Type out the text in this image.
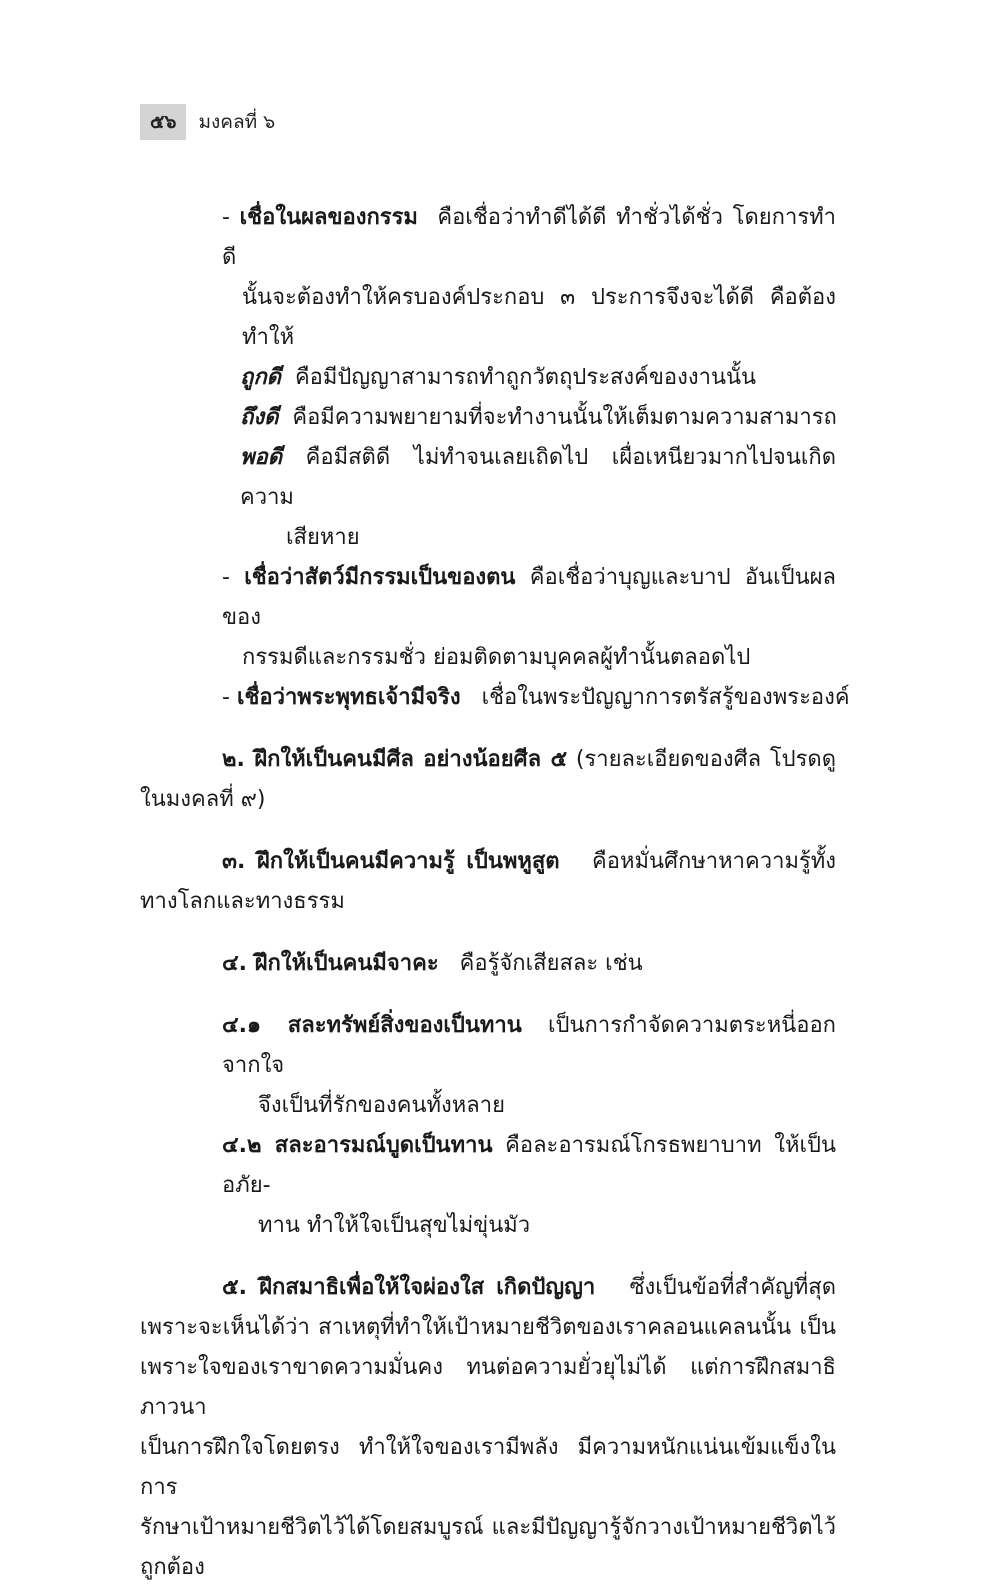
๕๖	มงคลที่ ๖
- เชื่อในผลของกรรม คือเชื่อว่าทำดีได้ดี ทำชั่วได้ชั่ว โดยการทำดี
นั้นจะต้องทำให้ครบองค์ประกอบ ๓ ประการจึงจะได้ดี คือต้อง
ทำให้
ถูกดี คือมีปัญญาสามารถทำถูกวัตถุประสงค์ของงานนั้น
ถึงดี คือมีความพยายามที่จะทำงานนั้นให้เต็มตามความสามารถ
พอดี คือมีสติดี ไม่ทำจนเลยเถิดไป เผื่อเหนียวมากไปจนเกิดความ
เสียหาย
- เชื่อว่าสัตว์มีกรรมเป็นของตน คือเชื่อว่าบุญและบาป อันเป็นผลของ
กรรมดีและกรรมชั่ว ย่อมติดตามบุคคลผู้ทำนั้นตลอดไป
- เชื่อว่าพระพุทธเจ้ามีจริง เชื่อในพระปัญญาการตรัสรู้ของพระองค์
๒. ฝึกให้เป็นคนมีศีล อย่างน้อยศีล ๕ (รายละเอียดของศีล โปรดดู
ในมงคลที่ ๙)
๓. ฝึกให้เป็นคนมีความรู้ เป็นพหูสูต คือหมั่นศึกษาหาความรู้ทั้ง
ทางโลกและทางธรรม
๔. ฝึกให้เป็นคนมีจาคะ คือรู้จักเสียสละ เช่น
๔.๑ สละทรัพย์สิ่งของเป็นทาน เป็นการกำจัดความตระหนี่ออกจากใจ
จึงเป็นที่รักของคนทั้งหลาย
๔.๒ สละอารมณ์บูดเป็นทาน คือละอารมณ์โกรธพยาบาท ให้เป็นอภัย-
ทาน ทำให้ใจเป็นสุขไม่ขุ่นมัว
๕. ฝึกสมาธิเพื่อให้ใจผ่องใส เกิดปัญญา ซึ่งเป็นข้อที่สำคัญที่สุด
เพราะจะเห็นได้ว่า สาเหตุที่ทำให้เป้าหมายชีวิตของเราคลอนแคลนนั้น เป็น
เพราะใจของเราขาดความมั่นคง ทนต่อความยั่วยุไม่ได้ แต่การฝึกสมาธิภาวนา
เป็นการฝึกใจโดยตรง ทำให้ใจของเรามีพลัง มีความหนักแน่นเข้มแข็งในการ
รักษาเป้าหมายชีวิตไว้ได้โดยสมบูรณ์ และมีปัญญารู้จักวางเป้าหมายชีวิตไว้ถูกต้อง
